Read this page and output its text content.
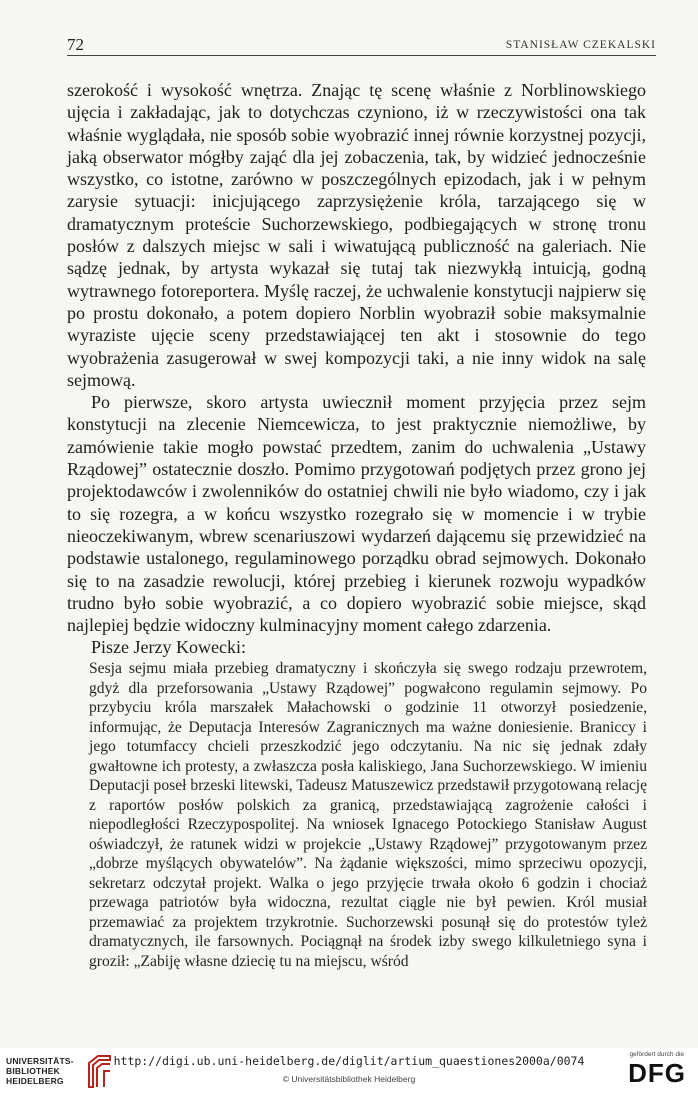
72	STANISŁAW CZEKALSKI

szerokość i wysokość wnętrza. Znając tę scenę właśnie z Norblinowskiego ujęcia i zakładając, jak to dotychczas czyniono, iż w rzeczywistości ona tak właśnie wyglądała, nie sposób sobie wyobrazić innej równie korzystnej pozycji, jaką obserwator mógłby zająć dla jej zobaczenia, tak, by widzieć jednocześnie wszystko, co istotne, zarówno w poszczególnych epizodach, jak i w pełnym zarysie sytuacji: inicjującego zaprzysiężenie króla, tarzającego się w dramatycznym proteście Suchorzewskiego, podbiegających w stronę tronu posłów z dalszych miejsc w sali i wiwatującą publiczność na galeriach. Nie sądzę jednak, by artysta wykazał się tutaj tak niezwykłą intuicją, godną wytrawnego fotoreportera. Myślę raczej, że uchwalenie konstytucji najpierw się po prostu dokonało, a potem dopiero Norblin wyobraził sobie maksymalnie wyraziste ujęcie sceny przedstawiającej ten akt i stosownie do tego wyobrażenia zasugerował w swej kompozycji taki, a nie inny widok na salę sejmową.

Po pierwsze, skoro artysta uwiecznił moment przyjęcia przez sejm konstytucji na zlecenie Niemcewicza, to jest praktycznie niemożliwe, by zamówienie takie mogło powstać przedtem, zanim do uchwalenia „Ustawy Rządowej” ostatecznie doszło. Pomimo przygotowań podjętych przez grono jej projektodawców i zwolenników do ostatniej chwili nie było wiadomo, czy i jak to się rozegra, a w końcu wszystko rozegrało się w momencie i w trybie nieoczekiwanym, wbrew scenariuszowi wydarzeń dającemu się przewidzieć na podstawie ustalonego, regulaminowego porządku obrad sejmowych. Dokonało się to na zasadzie rewolucji, której przebieg i kierunek rozwoju wypadków trudno było sobie wyobrazić, a co dopiero wyobrazić sobie miejsce, skąd najlepiej będzie widoczny kulminacyjny moment całego zdarzenia.

Pisze Jerzy Kowecki:

Sesja sejmu miała przebieg dramatyczny i skończyła się swego rodzaju przewrotem, gdyż dla przeforsowania „Ustawy Rządowej” pogwałcono regulamin sejmowy. Po przybyciu króla marszałek Małachowski o godzinie 11 otworzył posiedzenie, informując, że Deputacja Interesów Zagranicznych ma ważne doniesienie. Braniccy i jego totumfaccy chcieli przeszkodzić jego odczytaniu. Na nic się jednak zdały gwałtowne ich protesty, a zwłaszcza posła kaliskiego, Jana Suchorzewskiego. W imieniu Deputacji poseł brzeski litewski, Tadeusz Matuszewicz przedstawił przygotowaną relację z raportów posłów polskich za granicą, przedstawiającą zagrożenie całości i niepodległości Rzeczypospolitej. Na wniosek Ignacego Potockiego Stanisław August oświadczył, że ratunek widzi w projekcie „Ustawy Rządowej” przygotowanym przez „dobrze myślących obywatelów”. Na żądanie większości, mimo sprzeciwu opozycji, sekretarz odczytał projekt. Walka o jego przyjęcie trwała około 6 godzin i chociaż przewaga patriotów była widoczna, rezultat ciągle nie był pewien. Król musiał przemawiać za projektem trzykrotnie. Suchorzewski posunął się do protestów tyleż dramatycznych, ile farsownych. Pociągnął na środek izby swego kilkuletniego syna i groził: „Zabiję własne dziecię tu na miejscu, wśród

UNIVERSITÄTS-
BIBLIOTHEK
HEIDELBERG
http://digi.ub.uni-heidelberg.de/diglit/artium_quaestiones2000a/0074
© Universitätsbibliothek Heidelberg
gefördert durch die
DFG
